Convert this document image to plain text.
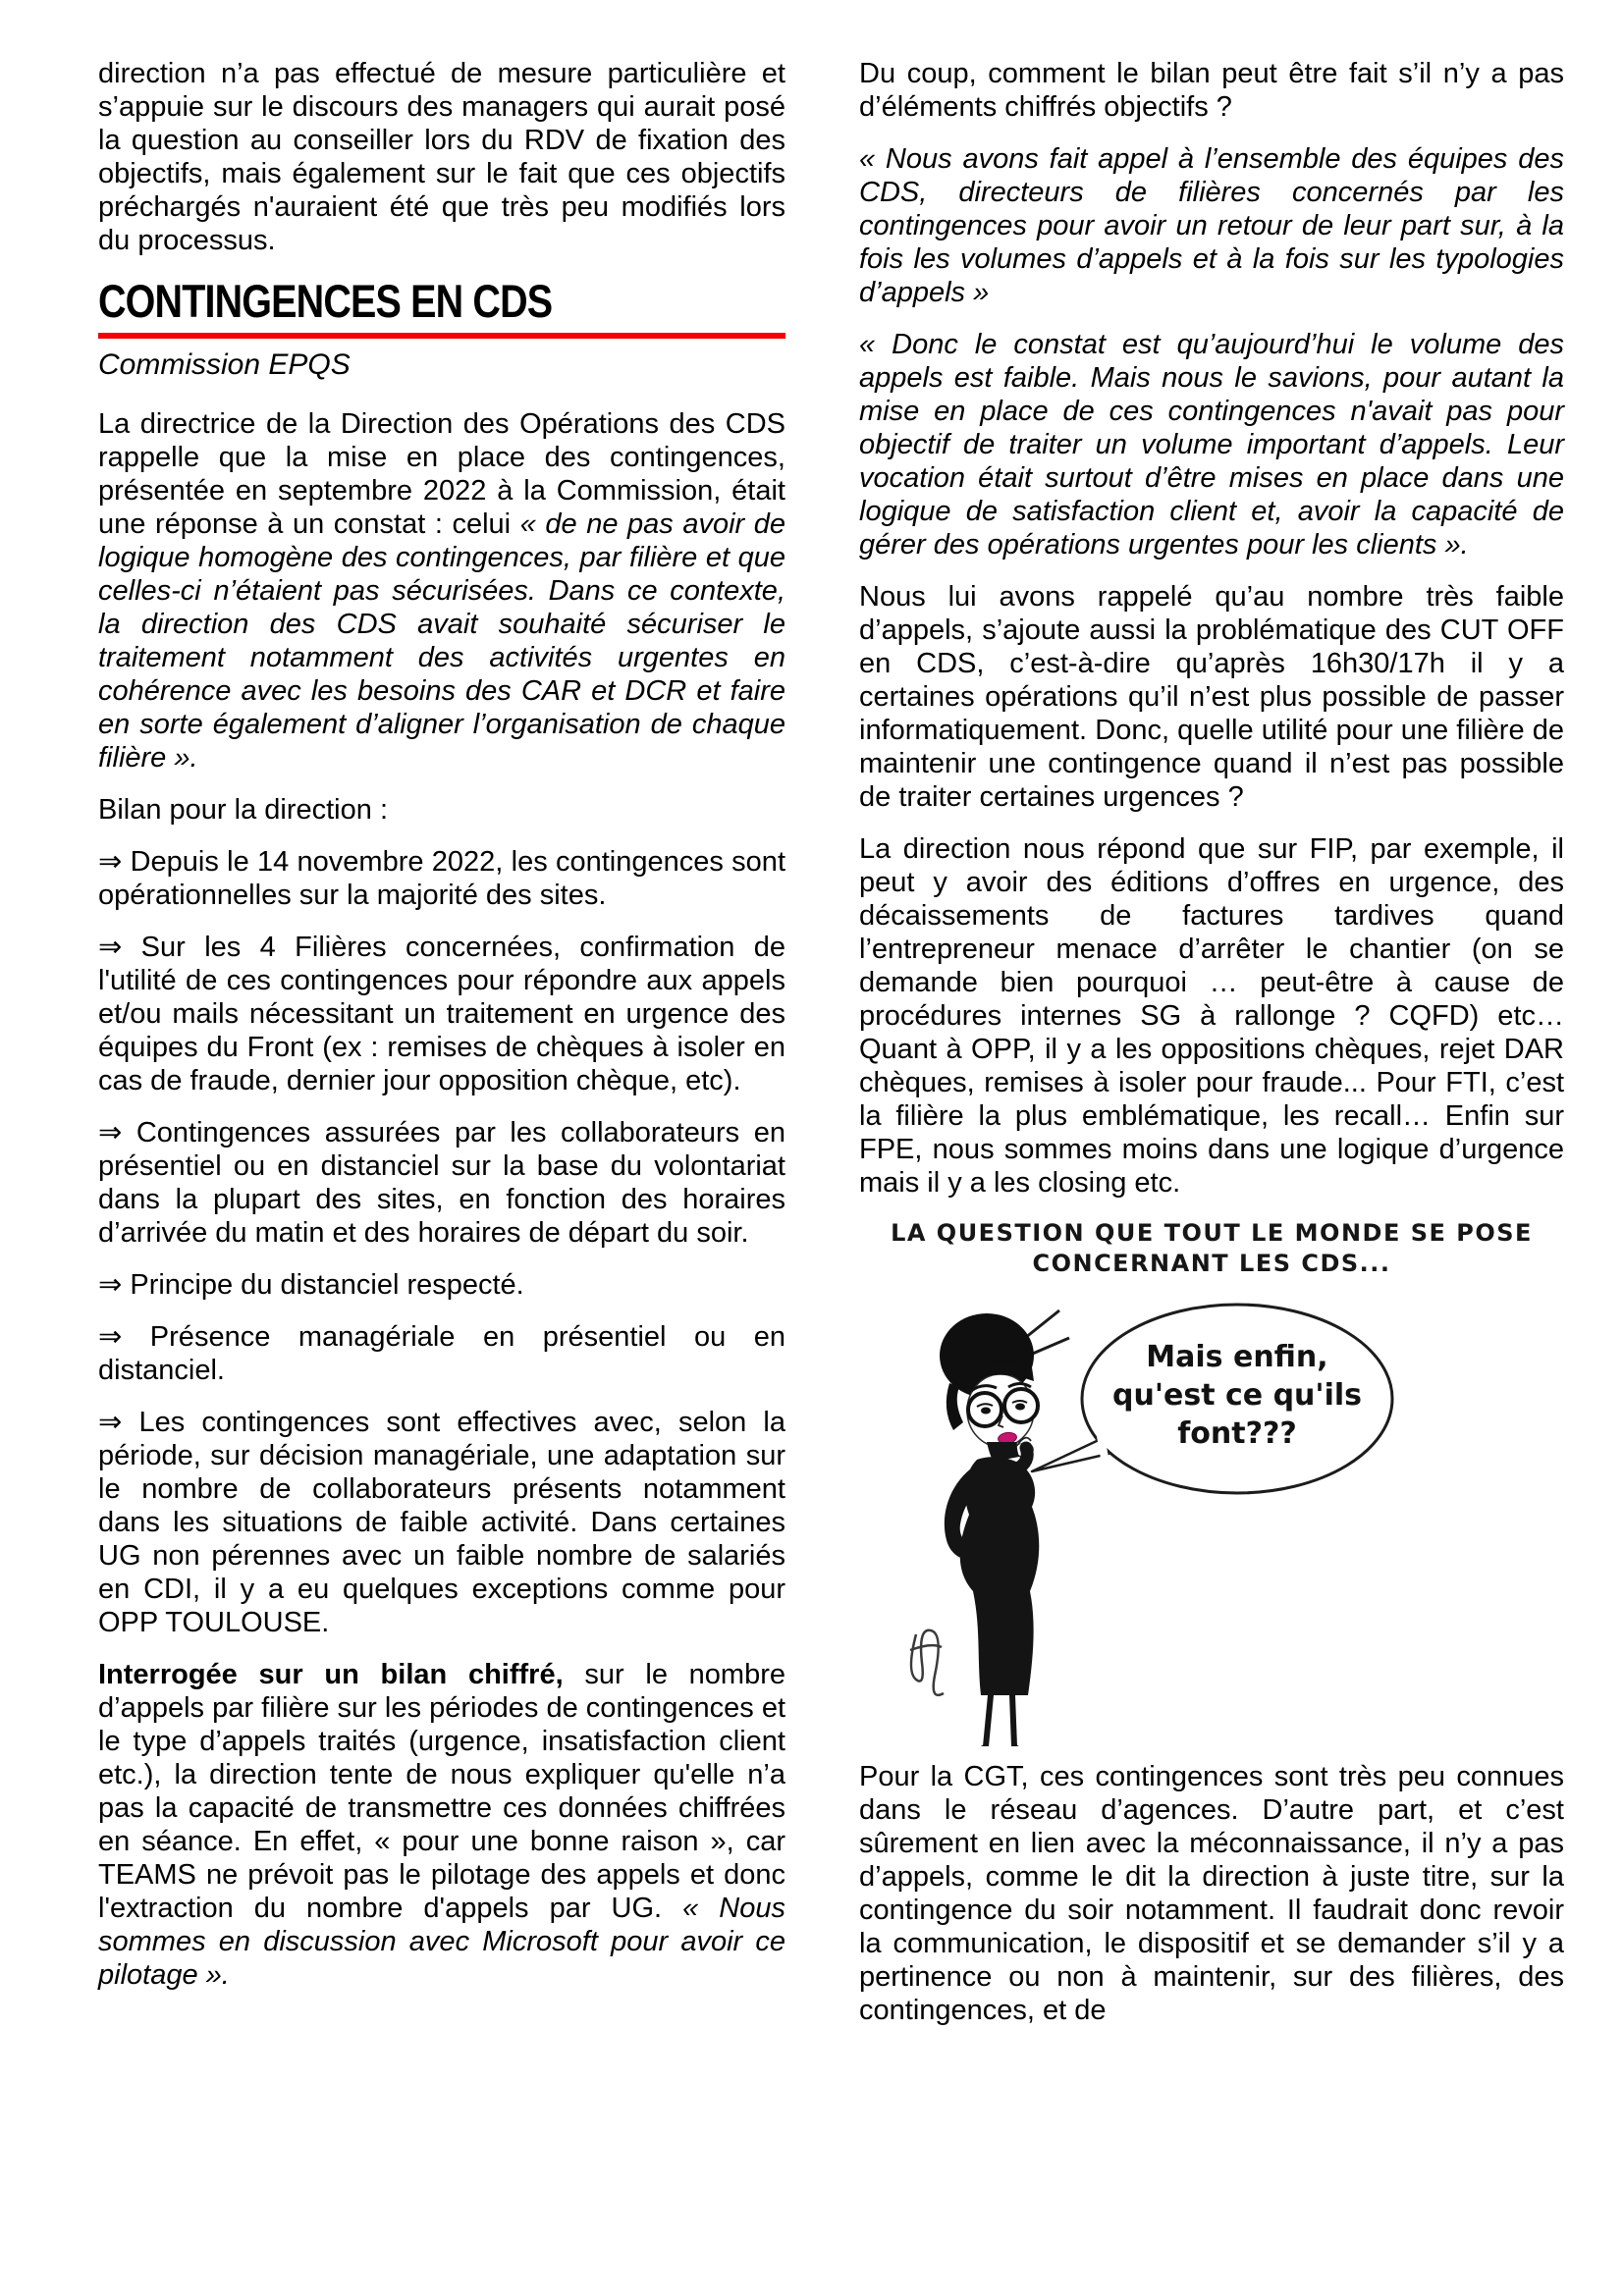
direction n’a pas effectué de mesure particulière et s’appuie sur le discours des managers qui aurait posé la question au conseiller lors du RDV de fixation des objectifs, mais également sur le fait que ces objectifs préchargés n'auraient été que très peu modifiés lors du processus.

CONTINGENCES EN CDS
Commission EPQS

La directrice de la Direction des Opérations des CDS rappelle que la mise en place des contingences, présentée en septembre 2022 à la Commission, était une réponse à un constat : celui « de ne pas avoir de logique homogène des contingences, par filière et que celles-ci n’étaient pas sécurisées. Dans ce contexte, la direction des CDS avait souhaité sécuriser le traitement notamment des activités urgentes en cohérence avec les besoins des CAR et DCR et faire en sorte également d’aligner l’organisation de chaque filière ».

Bilan pour la direction :

⇒ Depuis le 14 novembre 2022, les contingences sont opérationnelles sur la majorité des sites.

⇒ Sur les 4 Filières concernées, confirmation de l'utilité de ces contingences pour répondre aux appels et/ou mails nécessitant un traitement en urgence des équipes du Front (ex : remises de chèques à isoler en cas de fraude, dernier jour opposition chèque, etc).

⇒ Contingences assurées par les collaborateurs en présentiel ou en distanciel sur la base du volontariat dans la plupart des sites, en fonction des horaires d’arrivée du matin et des horaires de départ du soir.

⇒ Principe du distanciel respecté.

⇒ Présence managériale en présentiel ou en distanciel.

⇒ Les contingences sont effectives avec, selon la période, sur décision managériale, une adaptation sur le nombre de collaborateurs présents notamment dans les situations de faible activité. Dans certaines UG non pérennes avec un faible nombre de salariés en CDI, il y a eu quelques exceptions comme pour OPP TOULOUSE.

Interrogée sur un bilan chiffré, sur le nombre d’appels par filière sur les périodes de contingences et le type d’appels traités (urgence, insatisfaction client etc.), la direction tente de nous expliquer qu'elle n’a pas la capacité de transmettre ces données chiffrées en séance. En effet, « pour une bonne raison », car TEAMS ne prévoit pas le pilotage des appels et donc l'extraction du nombre d'appels par UG. « Nous sommes en discussion avec Microsoft pour avoir ce pilotage ».

Du coup, comment le bilan peut être fait s’il n’y a pas d’éléments chiffrés objectifs ?

« Nous avons fait appel à l’ensemble des équipes des CDS, directeurs de filières concernés par les contingences pour avoir un retour de leur part sur, à la fois les volumes d’appels et à la fois sur les typologies d’appels »

« Donc le constat est qu’aujourd’hui le volume des appels est faible. Mais nous le savions, pour autant la mise en place de ces contingences n'avait pas pour objectif de traiter un volume important d’appels. Leur vocation était surtout d’être mises en place dans une logique de satisfaction client et, avoir la capacité de gérer des opérations urgentes pour les clients ».

Nous lui avons rappelé qu’au nombre très faible d’appels, s’ajoute aussi la problématique des CUT OFF en CDS, c’est-à-dire qu’après 16h30/17h il y a certaines opérations qu’il n’est plus possible de passer informatiquement. Donc, quelle utilité pour une filière de maintenir une contingence quand il n’est pas possible de traiter certaines urgences ?

La direction nous répond que sur FIP, par exemple, il peut y avoir des éditions d’offres en urgence, des décaissements de factures tardives quand l’entrepreneur menace d’arrêter le chantier (on se demande bien pourquoi … peut-être à cause de procédures internes SG à rallonge ? CQFD) etc… Quant à OPP, il y a les oppositions chèques, rejet DAR chèques, remises à isoler pour fraude... Pour FTI, c’est la filière la plus emblématique, les recall… Enfin sur FPE, nous sommes moins dans une logique d’urgence mais il y a les closing etc.

LA QUESTION QUE TOUT LE MONDE SE POSE
CONCERNANT LES CDS...
Mais enfin,
qu'est ce qu'ils
font???

Pour la CGT, ces contingences sont très peu connues dans le réseau d’agences. D’autre part, et c’est sûrement en lien avec la méconnaissance, il n’y a pas d’appels, comme le dit la direction à juste titre, sur la contingence du soir notamment. Il faudrait donc revoir la communication, le dispositif et se demander s’il y a pertinence ou non à maintenir, sur des filières, des contingences, et de
